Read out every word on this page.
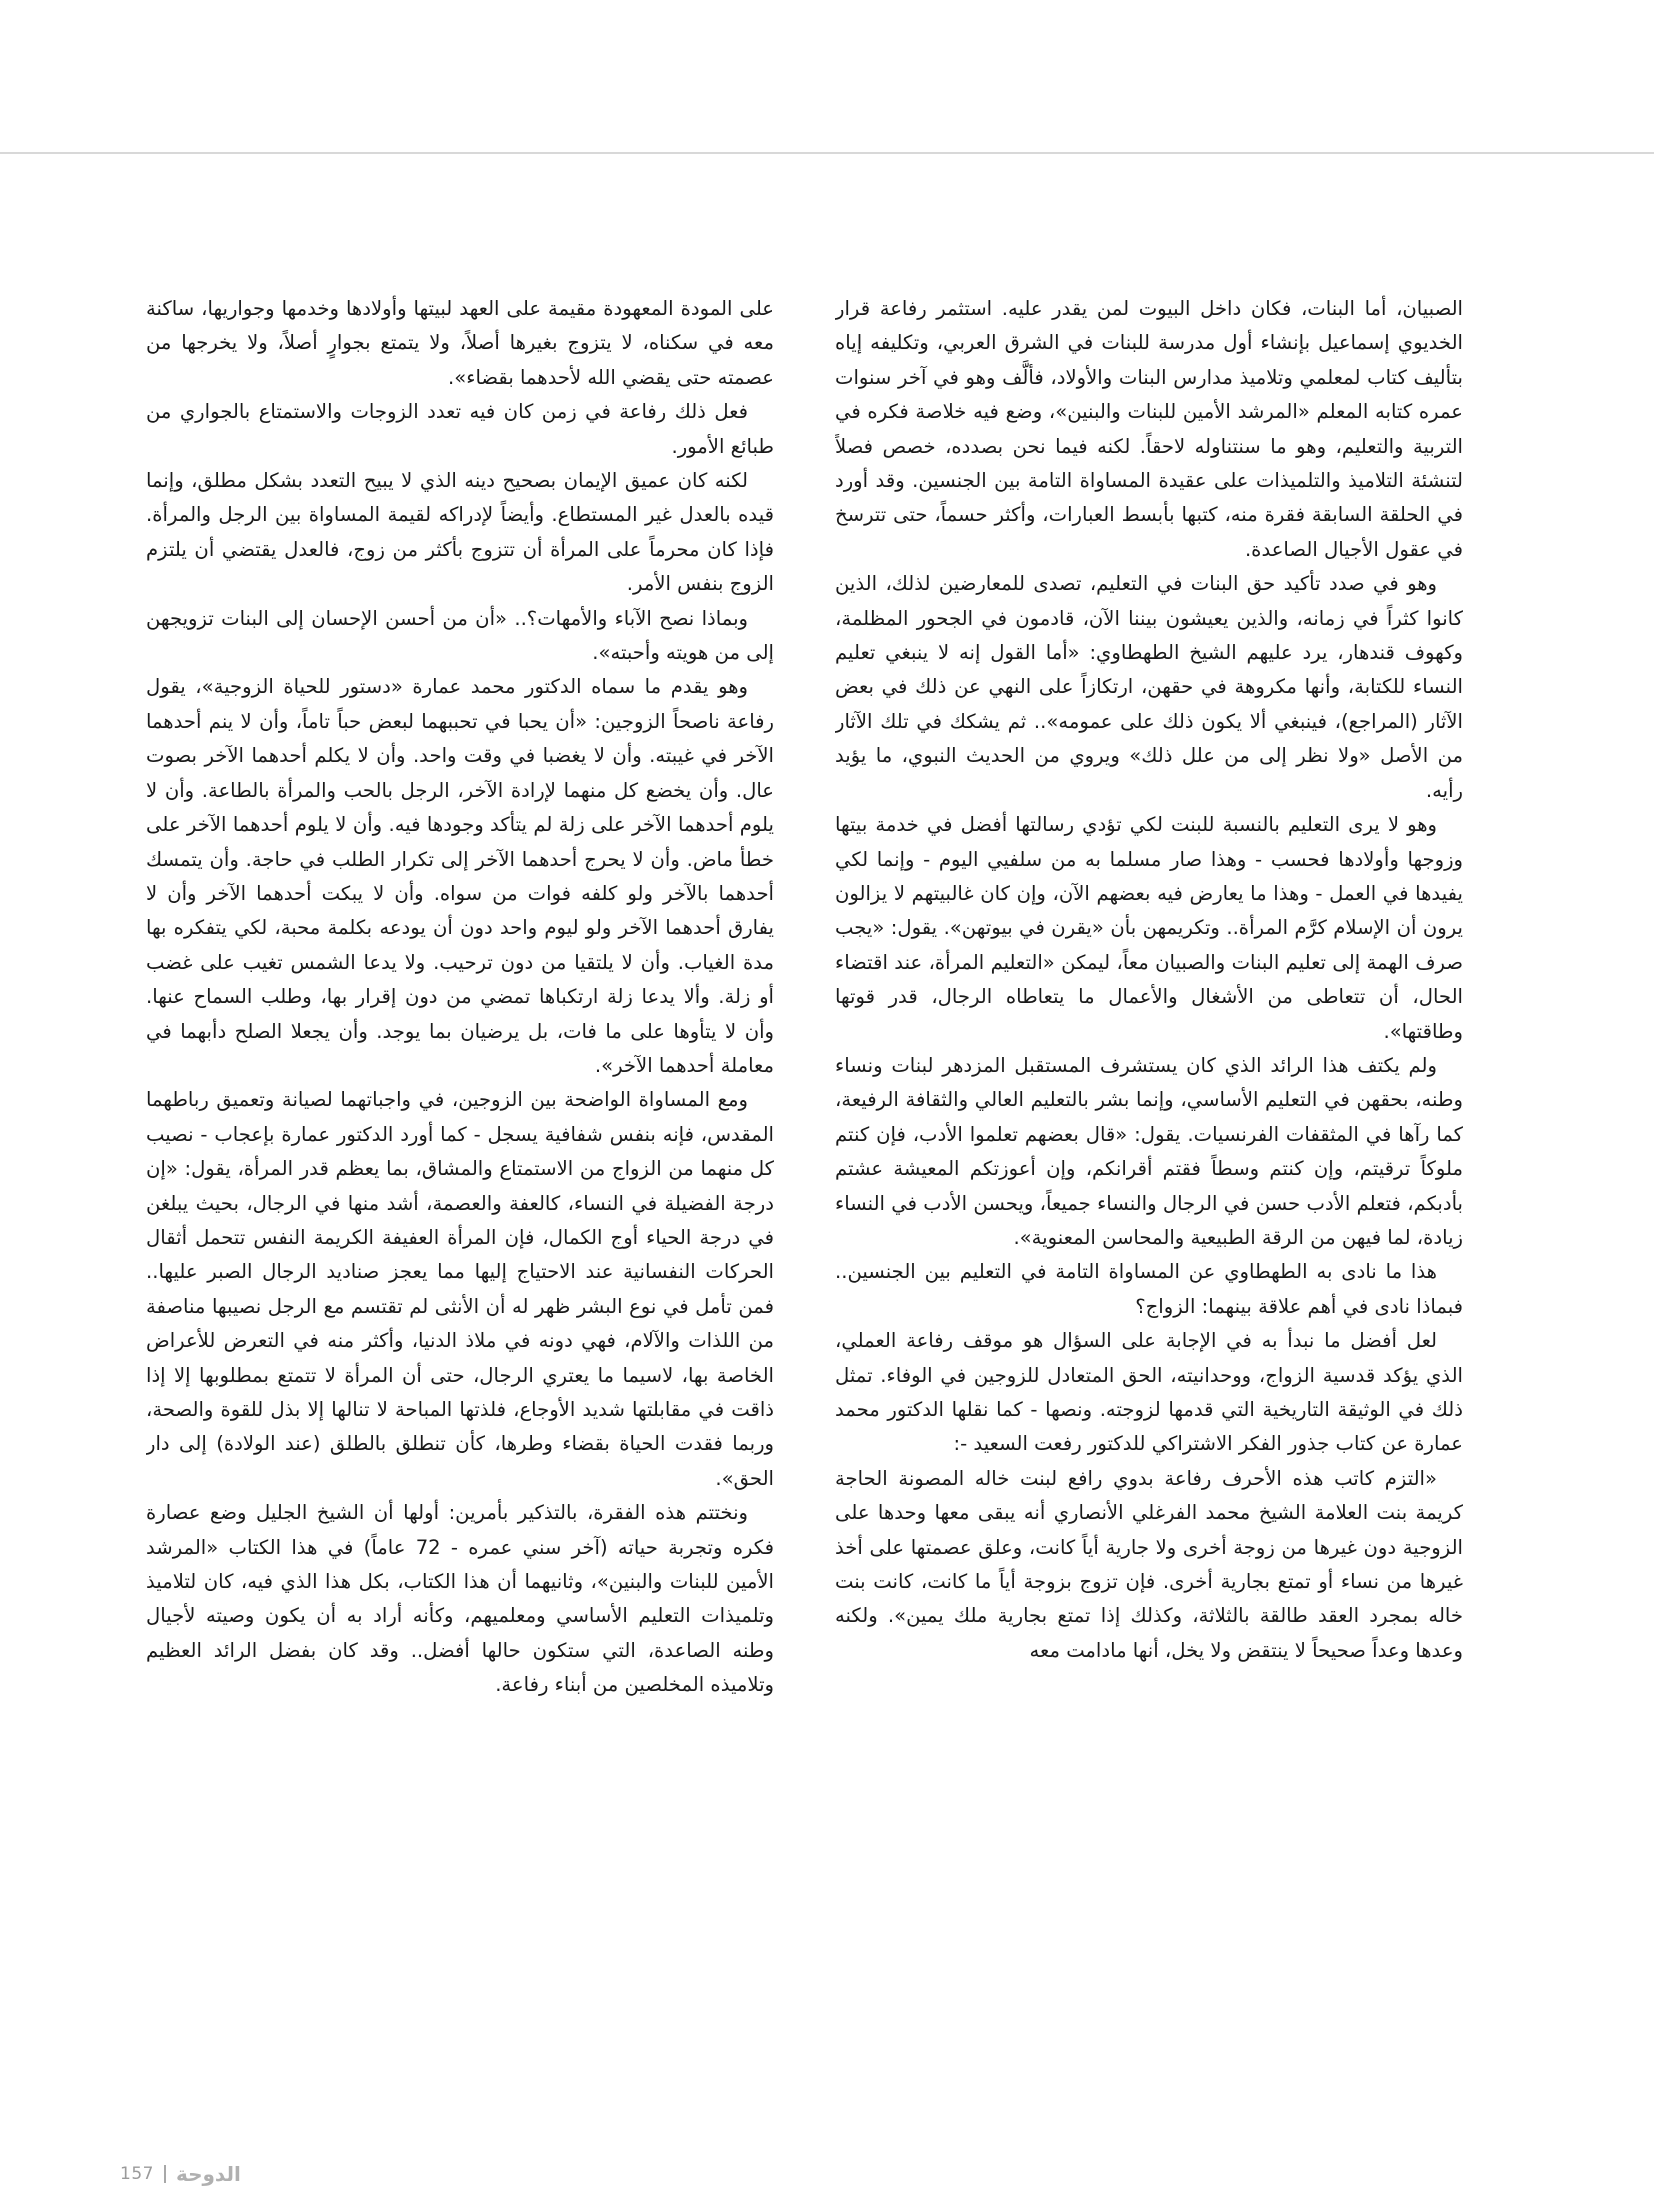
الصبيان، أما البنات، فكان داخل البيوت لمن يقدر عليه. استثمر رفاعة قرار الخديوي إسماعيل بإنشاء أول مدرسة للبنات في الشرق العربي، وتكليفه إياه بتأليف كتاب لمعلمي وتلاميذ مدارس البنات والأولاد، فألَّف وهو في آخر سنوات عمره كتابه المعلم «المرشد الأمين للبنات والبنين»، وضع فيه خلاصة فكره في التربية والتعليم، وهو ما سنتناوله لاحقاً. لكنه فيما نحن بصدده، خصص فصلاً لتنشئة التلاميذ والتلميذات على عقيدة المساواة التامة بين الجنسين. وقد أورد في الحلقة السابقة فقرة منه، كتبها بأبسط العبارات، وأكثر حسماً، حتى تترسخ في عقول الأجيال الصاعدة.

وهو في صدد تأكيد حق البنات في التعليم، تصدى للمعارضين لذلك، الذين كانوا كثراً في زمانه، والذين يعيشون بيننا الآن، قادمون في الجحور المظلمة، وكهوف قندهار، يرد عليهم الشيخ الطهطاوي: «أما القول إنه لا ينبغي تعليم النساء للكتابة، وأنها مكروهة في حقهن، ارتكازاً على النهي عن ذلك في بعض الآثار (المراجع)، فينبغي ألا يكون ذلك على عمومه».. ثم يشكك في تلك الآثار من الأصل «ولا نظر إلى من علل ذلك» ويروي من الحديث النبوي، ما يؤيد رأيه.

وهو لا يرى التعليم بالنسبة للبنت لكي تؤدي رسالتها أفضل في خدمة بيتها وزوجها وأولادها فحسب - وهذا صار مسلما به من سلفيي اليوم - وإنما لكي يفيدها في العمل - وهذا ما يعارض فيه بعضهم الآن، وإن كان غالبيتهم لا يزالون يرون أن الإسلام كرَّم المرأة.. وتكريمهن بأن «يقرن في بيوتهن». يقول: «يجب صرف الهمة إلى تعليم البنات والصبيان معاً، ليمكن «التعليم المرأة، عند اقتضاء الحال، أن تتعاطى من الأشغال والأعمال ما يتعاطاه الرجال، قدر قوتها وطاقتها».

ولم يكتف هذا الرائد الذي كان يستشرف المستقبل المزدهر لبنات ونساء وطنه، بحقهن في التعليم الأساسي، وإنما بشر بالتعليم العالي والثقافة الرفيعة، كما رآها في المثقفات الفرنسيات. يقول: «قال بعضهم تعلموا الأدب، فإن كنتم ملوكاً ترقيتم، وإن كنتم وسطاً فقتم أقرانكم، وإن أعوزتكم المعيشة عشتم بأدبكم، فتعلم الأدب حسن في الرجال والنساء جميعاً، ويحسن الأدب في النساء زيادة، لما فيهن من الرقة الطبيعية والمحاسن المعنوية».

هذا ما نادى به الطهطاوي عن المساواة التامة في التعليم بين الجنسين.. فبماذا نادى في أهم علاقة بينهما: الزواج؟

لعل أفضل ما نبدأ به في الإجابة على السؤال هو موقف رفاعة العملي، الذي يؤكد قدسية الزواج، ووحدانيته، الحق المتعادل للزوجين في الوفاء. تمثل ذلك في الوثيقة التاريخية التي قدمها لزوجته. ونصها - كما نقلها الدكتور محمد عمارة عن كتاب جذور الفكر الاشتراكي للدكتور رفعت السعيد -:

«التزم كاتب هذه الأحرف رفاعة بدوي رافع لبنت خاله المصونة الحاجة كريمة بنت العلامة الشيخ محمد الفرغلي الأنصاري أنه يبقى معها وحدها على الزوجية دون غيرها من زوجة أخرى ولا جارية أياً كانت، وعلق عصمتها على أخذ غيرها من نساء أو تمتع بجارية أخرى. فإن تزوج بزوجة أياً ما كانت، كانت بنت خاله بمجرد العقد طالقة بالثلاثة، وكذلك إذا تمتع بجارية ملك يمين». ولكنه وعدها وعداً صحيحاً لا ينتقض ولا يخل، أنها مادامت معه

على المودة المعهودة مقيمة على العهد لبيتها وأولادها وخدمها وجواريها، ساكنة معه في سكناه، لا يتزوج بغيرها أصلاً، ولا يتمتع بجوارٍ أصلاً، ولا يخرجها من عصمته حتى يقضي الله لأحدهما بقضاء».

فعل ذلك رفاعة في زمن كان فيه تعدد الزوجات والاستمتاع بالجواري من طبائع الأمور.

لكنه كان عميق الإيمان بصحيح دينه الذي لا يبيح التعدد بشكل مطلق، وإنما قيده بالعدل غير المستطاع. وأيضاً لإدراكه لقيمة المساواة بين الرجل والمرأة. فإذا كان محرماً على المرأة أن تتزوج بأكثر من زوج، فالعدل يقتضي أن يلتزم الزوج بنفس الأمر.

وبماذا نصح الآباء والأمهات؟.. «أن من أحسن الإحسان إلى البنات تزويجهن إلى من هويته وأحبته».

وهو يقدم ما سماه الدكتور محمد عمارة «دستور للحياة الزوجية»، يقول رفاعة ناصحاً الزوجين: «أن يحبا في تحببهما لبعض حباً تاماً، وأن لا ينم أحدهما الآخر في غيبته. وأن لا يغضبا في وقت واحد. وأن لا يكلم أحدهما الآخر بصوت عال. وأن يخضع كل منهما لإرادة الآخر، الرجل بالحب والمرأة بالطاعة. وأن لا يلوم أحدهما الآخر على زلة لم يتأكد وجودها فيه. وأن لا يلوم أحدهما الآخر على خطأ ماض. وأن لا يحرج أحدهما الآخر إلى تكرار الطلب في حاجة. وأن يتمسك أحدهما بالآخر ولو كلفه فوات من سواه. وأن لا يبكت أحدهما الآخر وأن لا يفارق أحدهما الآخر ولو ليوم واحد دون أن يودعه بكلمة محبة، لكي يتفكره بها مدة الغياب. وأن لا يلتقيا من دون ترحيب. ولا يدعا الشمس تغيب على غضب أو زلة. وألا يدعا زلة ارتكباها تمضي من دون إقرار بها، وطلب السماح عنها. وأن لا يتأوها على ما فات، بل يرضيان بما يوجد. وأن يجعلا الصلح دأبهما في معاملة أحدهما الآخر».

ومع المساواة الواضحة بين الزوجين، في واجباتهما لصيانة وتعميق رباطهما المقدس، فإنه بنفس شفافية يسجل - كما أورد الدكتور عمارة بإعجاب - نصيب كل منهما من الزواج من الاستمتاع والمشاق، بما يعظم قدر المرأة، يقول: «إن درجة الفضيلة في النساء، كالعفة والعصمة، أشد منها في الرجال، بحيث يبلغن في درجة الحياء أوج الكمال، فإن المرأة العفيفة الكريمة النفس تتحمل أثقال الحركات النفسانية عند الاحتياج إليها مما يعجز صناديد الرجال الصبر عليها.. فمن تأمل في نوع البشر ظهر له أن الأنثى لم تقتسم مع الرجل نصيبها مناصفة من اللذات والآلام، فهي دونه في ملاذ الدنيا، وأكثر منه في التعرض للأعراض الخاصة بها، لاسيما ما يعتري الرجال، حتى أن المرأة لا تتمتع بمطلوبها إلا إذا ذاقت في مقابلتها شديد الأوجاع، فلذتها المباحة لا تنالها إلا بذل للقوة والصحة، وربما فقدت الحياة بقضاء وطرها، كأن تنطلق بالطلق (عند الولادة) إلى دار الحق».

ونختتم هذه الفقرة، بالتذكير بأمرين: أولها أن الشيخ الجليل وضع عصارة فكره وتجربة حياته (آخر سني عمره - 72 عاماً) في هذا الكتاب «المرشد الأمين للبنات والبنين»، وثانيهما أن هذا الكتاب، بكل هذا الذي فيه، كان لتلاميذ وتلميذات التعليم الأساسي ومعلميهم، وكأنه أراد به أن يكون وصيته لأجيال وطنه الصاعدة، التي ستكون حالها أفضل.. وقد كان بفضل الرائد العظيم وتلاميذه المخلصين من أبناء رفاعة.

157 الدوحة
